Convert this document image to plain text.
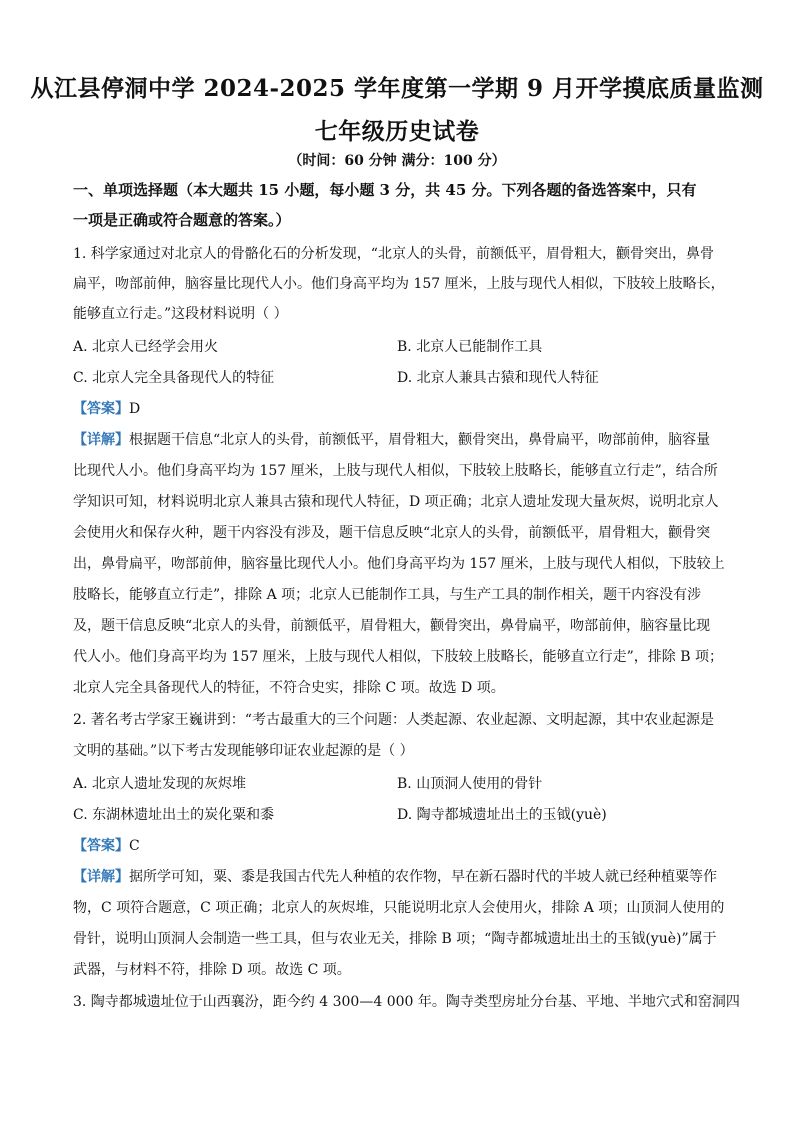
从江县停洞中学 2024-2025 学年度第一学期 9 月开学摸底质量监测
七年级历史试卷
（时间：60 分钟 满分：100 分）
一、单项选择题（本大题共 15 小题，每小题 3 分，共 45 分。下列各题的备选答案中，只有
一项是正确或符合题意的答案。）
1. 科学家通过对北京人的骨骼化石的分析发现，“北京人的头骨，前额低平，眉骨粗大，颧骨突出，鼻骨
扁平，吻部前伸，脑容量比现代人小。他们身高平均为 157 厘米，上肢与现代人相似，下肢较上肢略长，
能够直立行走。”这段材料说明（ ）
A. 北京人已经学会用火	B. 北京人已能制作工具
C. 北京人完全具备现代人的特征	D. 北京人兼具古猿和现代人特征
【答案】D
【详解】根据题干信息“北京人的头骨，前额低平，眉骨粗大，颧骨突出，鼻骨扁平，吻部前伸，脑容量
比现代人小。他们身高平均为 157 厘米，上肢与现代人相似，下肢较上肢略长，能够直立行走”，结合所
学知识可知，材料说明北京人兼具古猿和现代人特征，D 项正确；北京人遗址发现大量灰烬，说明北京人
会使用火和保存火种，题干内容没有涉及，题干信息反映“北京人的头骨，前额低平，眉骨粗大，颧骨突
出，鼻骨扁平，吻部前伸，脑容量比现代人小。他们身高平均为 157 厘米，上肢与现代人相似，下肢较上
肢略长，能够直立行走”，排除 A 项；北京人已能制作工具，与生产工具的制作相关，题干内容没有涉
及，题干信息反映“北京人的头骨，前额低平，眉骨粗大，颧骨突出，鼻骨扁平，吻部前伸，脑容量比现
代人小。他们身高平均为 157 厘米，上肢与现代人相似，下肢较上肢略长，能够直立行走”，排除 B 项；
北京人完全具备现代人的特征，不符合史实，排除 C 项。故选 D 项。
2. 著名考古学家王巍讲到：“考古最重大的三个问题：人类起源、农业起源、文明起源，其中农业起源是
文明的基础。”以下考古发现能够印证农业起源的是（ ）
A. 北京人遗址发现的灰烬堆	B. 山顶洞人使用的骨针
C. 东湖林遗址出土的炭化粟和黍	D. 陶寺都城遗址出土的玉钺(yuè)
【答案】C
【详解】据所学可知，粟、黍是我国古代先人种植的农作物，早在新石器时代的半坡人就已经种植粟等作
物，C 项符合题意，C 项正确；北京人的灰烬堆，只能说明北京人会使用火，排除 A 项；山顶洞人使用的
骨针，说明山顶洞人会制造一些工具，但与农业无关，排除 B 项；“陶寺都城遗址出土的玉钺(yuè)”属于
武器，与材料不符，排除 D 项。故选 C 项。
3. 陶寺都城遗址位于山西襄汾，距今约 4 300—4 000 年。陶寺类型房址分台基、平地、半地穴式和窑洞四
